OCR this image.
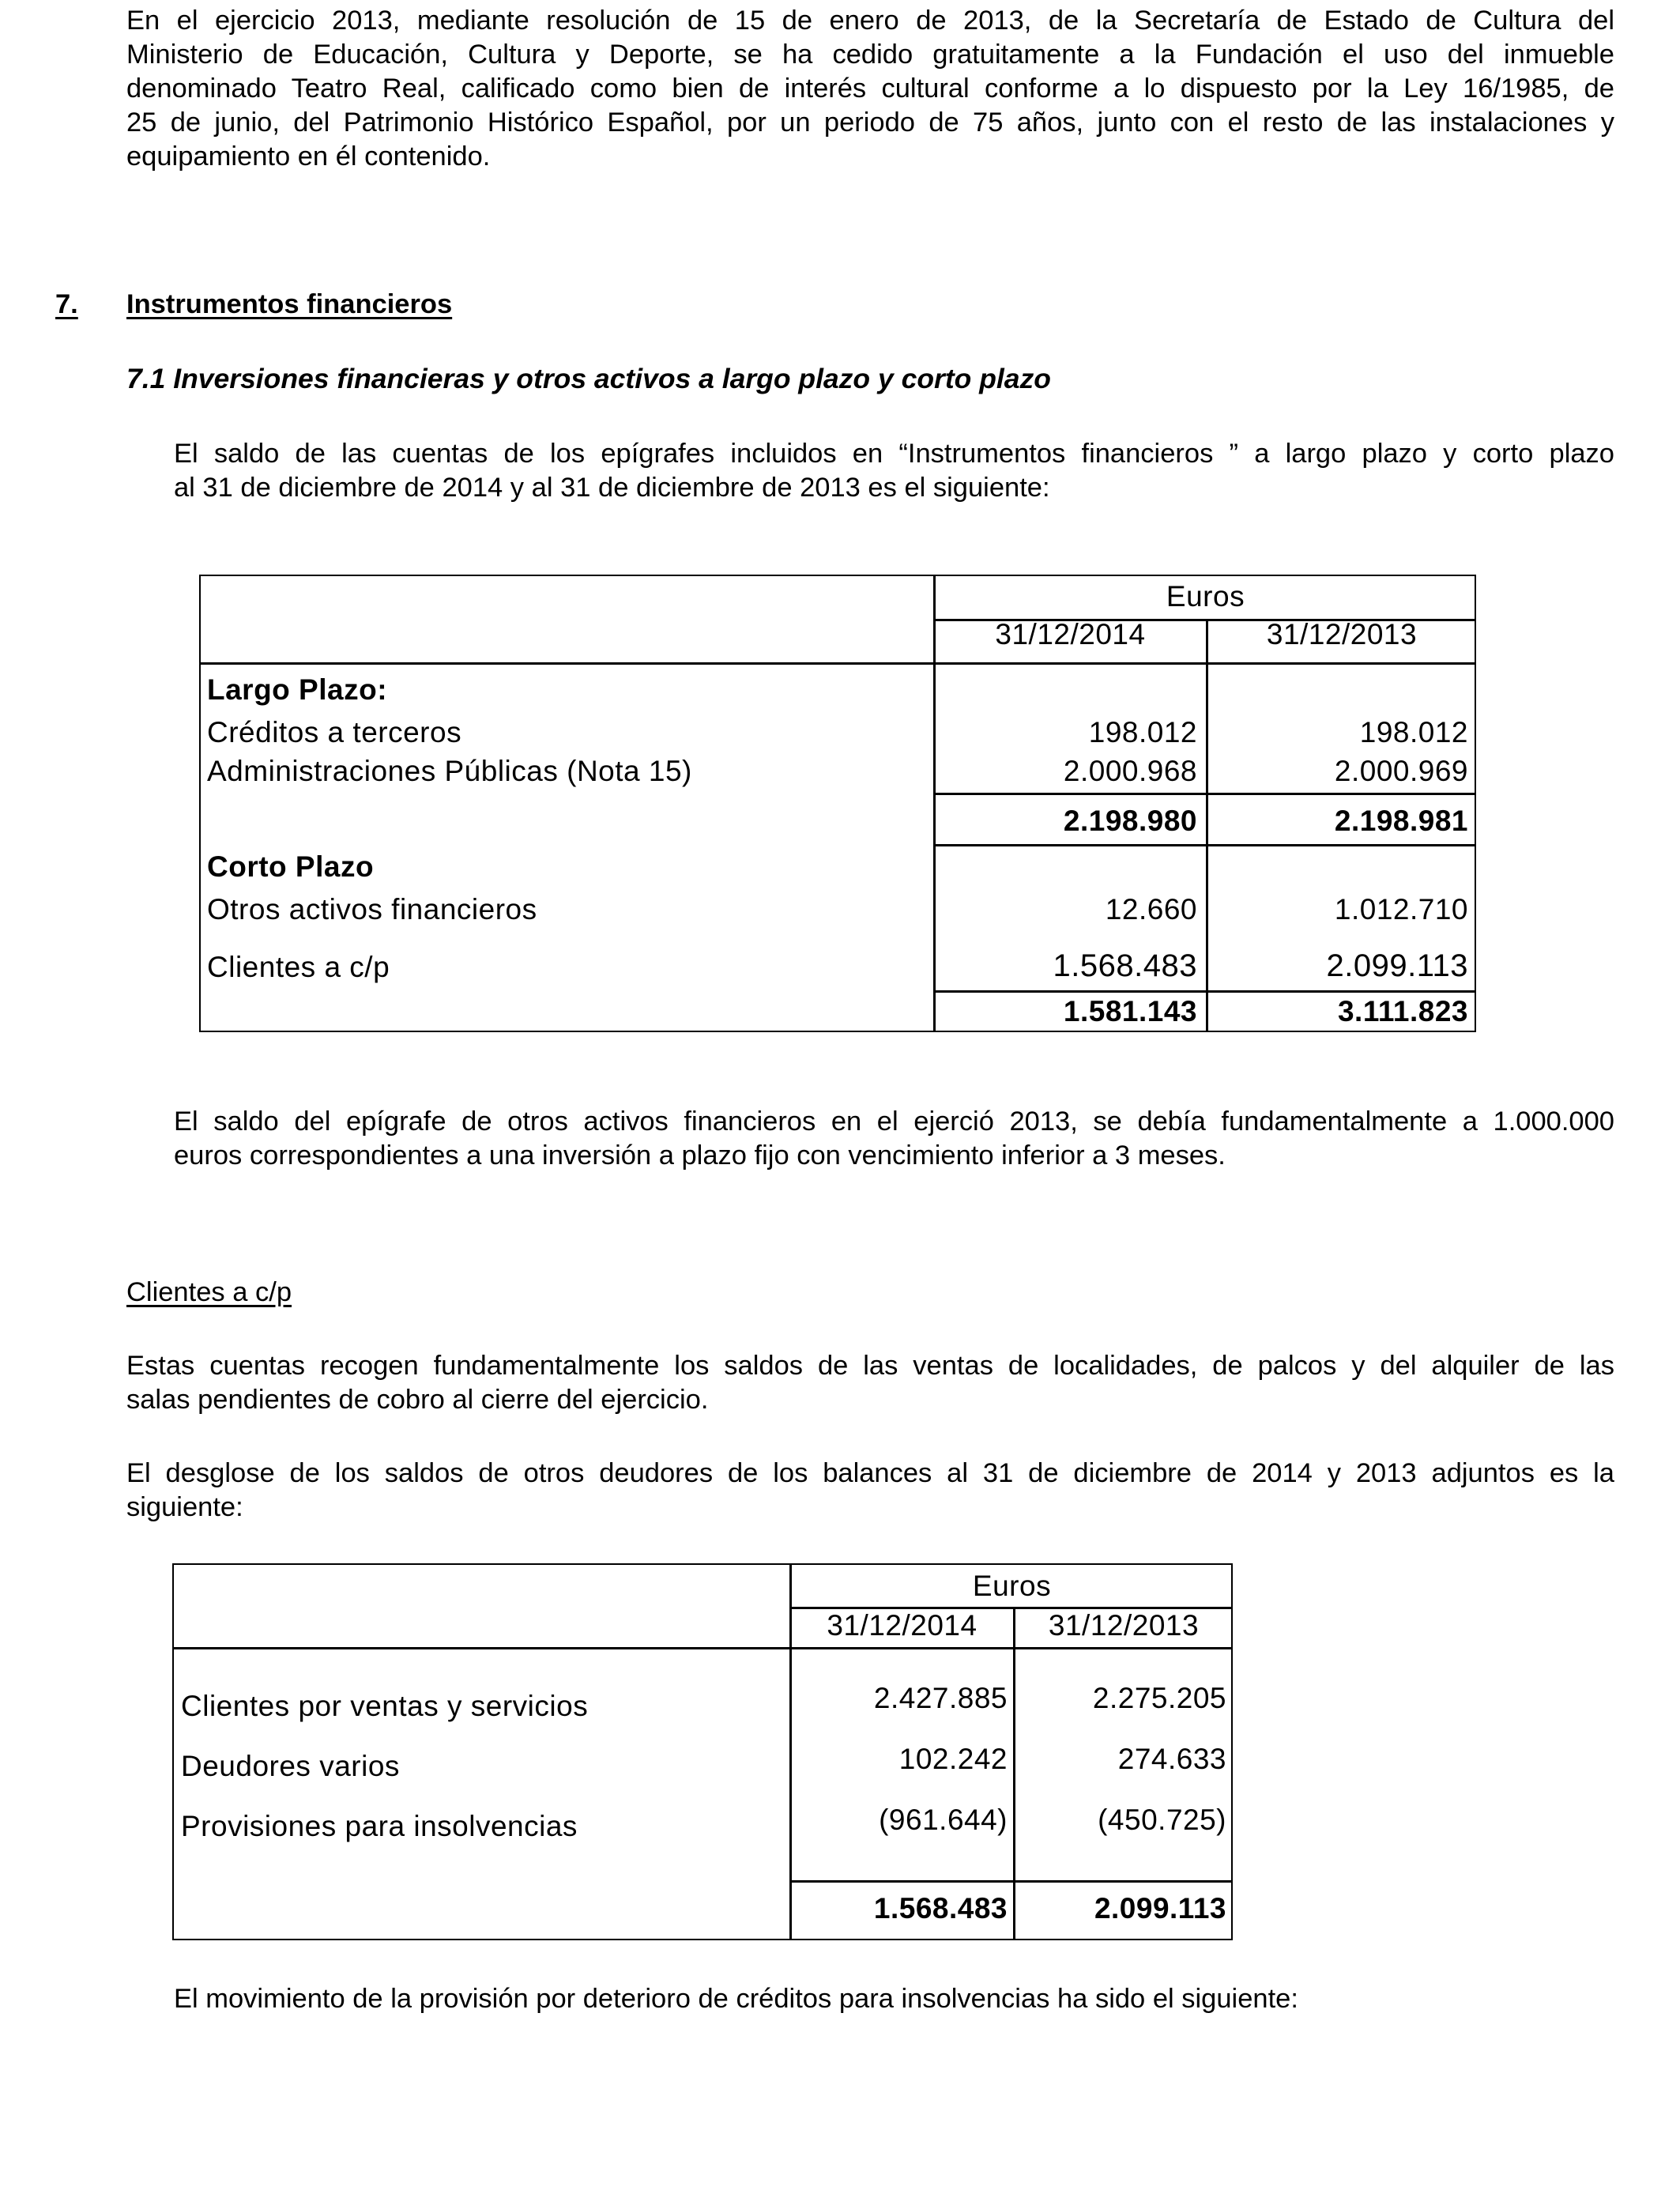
En el ejercicio 2013, mediante resolución de 15 de enero de 2013, de la Secretaría de Estado de Cultura del
Ministerio de Educación, Cultura y Deporte, se ha cedido gratuitamente a la Fundación el uso del inmueble
denominado Teatro Real, calificado como bien de interés cultural conforme a lo dispuesto por la Ley 16/1985, de
25 de junio, del Patrimonio Histórico Español, por un periodo de 75 años, junto con el resto de las instalaciones y
equipamiento en él contenido.
7. Instrumentos financieros
7.1 Inversiones financieras y otros activos a largo plazo y corto plazo
El saldo de las cuentas de los epígrafes incluidos en “Instrumentos financieros ” a largo plazo y corto plazo
al 31 de diciembre de 2014 y al 31 de diciembre de 2013 es el siguiente:
Euros
31/12/2014	31/12/2013
Largo Plazo:
Créditos a terceros	198.012	198.012
Administraciones Públicas (Nota 15)	2.000.968	2.000.969
2.198.980	2.198.981
Corto Plazo
Otros activos financieros	12.660	1.012.710
Clientes a c/p	1.568.483	2.099.113
1.581.143	3.111.823
El saldo del epígrafe de otros activos financieros en el ejerció 2013, se debía fundamentalmente a 1.000.000
euros correspondientes a una inversión a plazo fijo con vencimiento inferior a 3 meses.
Clientes a c/p
Estas cuentas recogen fundamentalmente los saldos de las ventas de localidades, de palcos y del alquiler de las
salas pendientes de cobro al cierre del ejercicio.
El desglose de los saldos de otros deudores de los balances al 31 de diciembre de 2014 y 2013 adjuntos es la
siguiente:
Euros
31/12/2014	31/12/2013
Clientes por ventas y servicios	2.427.885	2.275.205
Deudores varios	102.242	274.633
Provisiones para insolvencias	(961.644)	(450.725)
1.568.483	2.099.113
El movimiento de la provisión por deterioro de créditos para insolvencias ha sido el siguiente:
